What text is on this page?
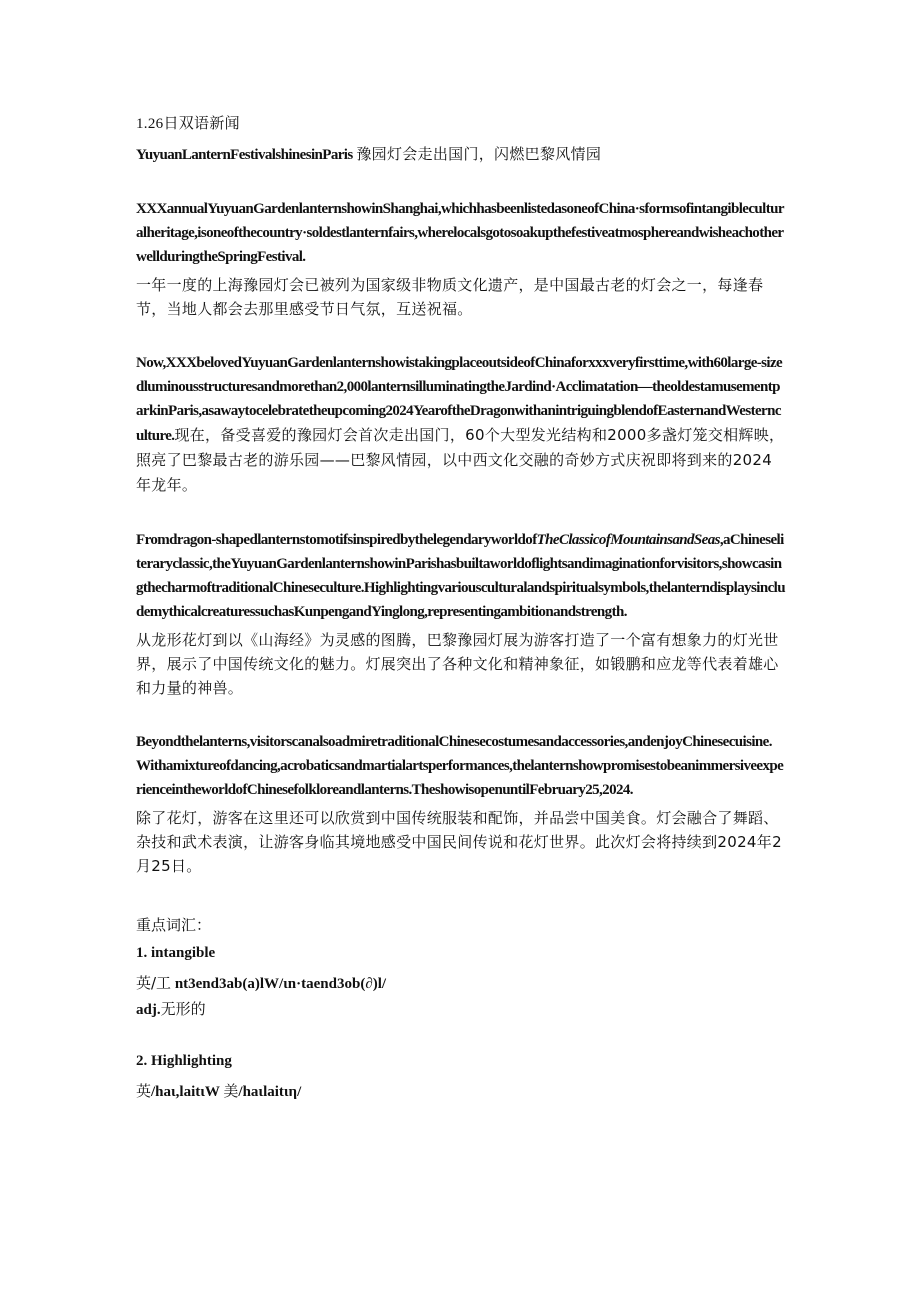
1.26日双语新闻

YuyuanLanternFestivalshinesinParis 豫园灯会走出国门，闪燃巴黎风情园

XXXannualYuyuanGardenlanternshowinShanghai,whichhasbeenlistedasoneofChina·sformsofintangibleculturalheritage,isoneofthecountry·soldestlanternfairs,wherelocalsgotosoakupthefestiveatmosphereandwisheachotherwellduringtheSpringFestival.

一年一度的上海豫园灯会已被列为国家级非物质文化遗产，是中国最古老的灯会之一，每逢春节，当地人都会去那里感受节日气氛，互送祝福。

Now,XXXbelovedYuyuanGardenlanternshowistakingplaceoutsideofChinaforxxxveryfirsttime,with60large-sizedluminousstructuresandmorethan2,000lanternsilluminatingtheJardind·Acclimatation—theoldestamusementparkinParis,asawaytocelebratetheupcoming2024YearoftheDragonwithanintriguingblendofEasternandWesternculture.现在，备受喜爱的豫园灯会首次走出国门，60个大型发光结构和2000多盏灯笼交相辉映，照亮了巴黎最古老的游乐园——巴黎风情园，以中西文化交融的奇妙方式庆祝即将到来的2024年龙年。

Fromdragon-shapedlanternstomotifsinspiredbythelegendaryworldofTheClassicofMountainsandSeas,aChineseliteraryclassic,theYuyuanGardenlanternshowinParishasbuiltaworldoflightsandimaginationforvisitors,showcasingthecharmoftraditionalChineseculture.Highlightingvariousculturalandspiritualsymbols,thelanterndisplaysincludemythicalcreaturessuchasKunpengandYinglong,representingambitionandstrength.

从龙形花灯到以《山海经》为灵感的图腾，巴黎豫园灯展为游客打造了一个富有想象力的灯光世界，展示了中国传统文化的魅力。灯展突出了各种文化和精神象征，如锻鹏和应龙等代表着雄心和力量的神兽。

Beyondthelanterns,visitorscanalsoadmiretraditionalChinesecostumesandaccessories,andenjoyChinesecuisine.Withamixtureofdancing,acrobaticsandmartialartsperformances,thelanternshowpromisestobeanimmersiveexperienceintheworldofChinesefolkloreandlanterns.TheshowisopenuntilFebruary25,2024.

除了花灯，游客在这里还可以欣赏到中国传统服装和配饰，并品尝中国美食。灯会融合了舞蹈、杂技和武术表演，让游客身临其境地感受中国民间传说和花灯世界。此次灯会将持续到2024年2月25日。

重点词汇：

1. intangible

英/工 nt3end3ab(a)lW/ιn·taend3ob(∂)l/

adj.无形的

2. Highlighting

英/haι,laitιW 美/haιlaitιη/
